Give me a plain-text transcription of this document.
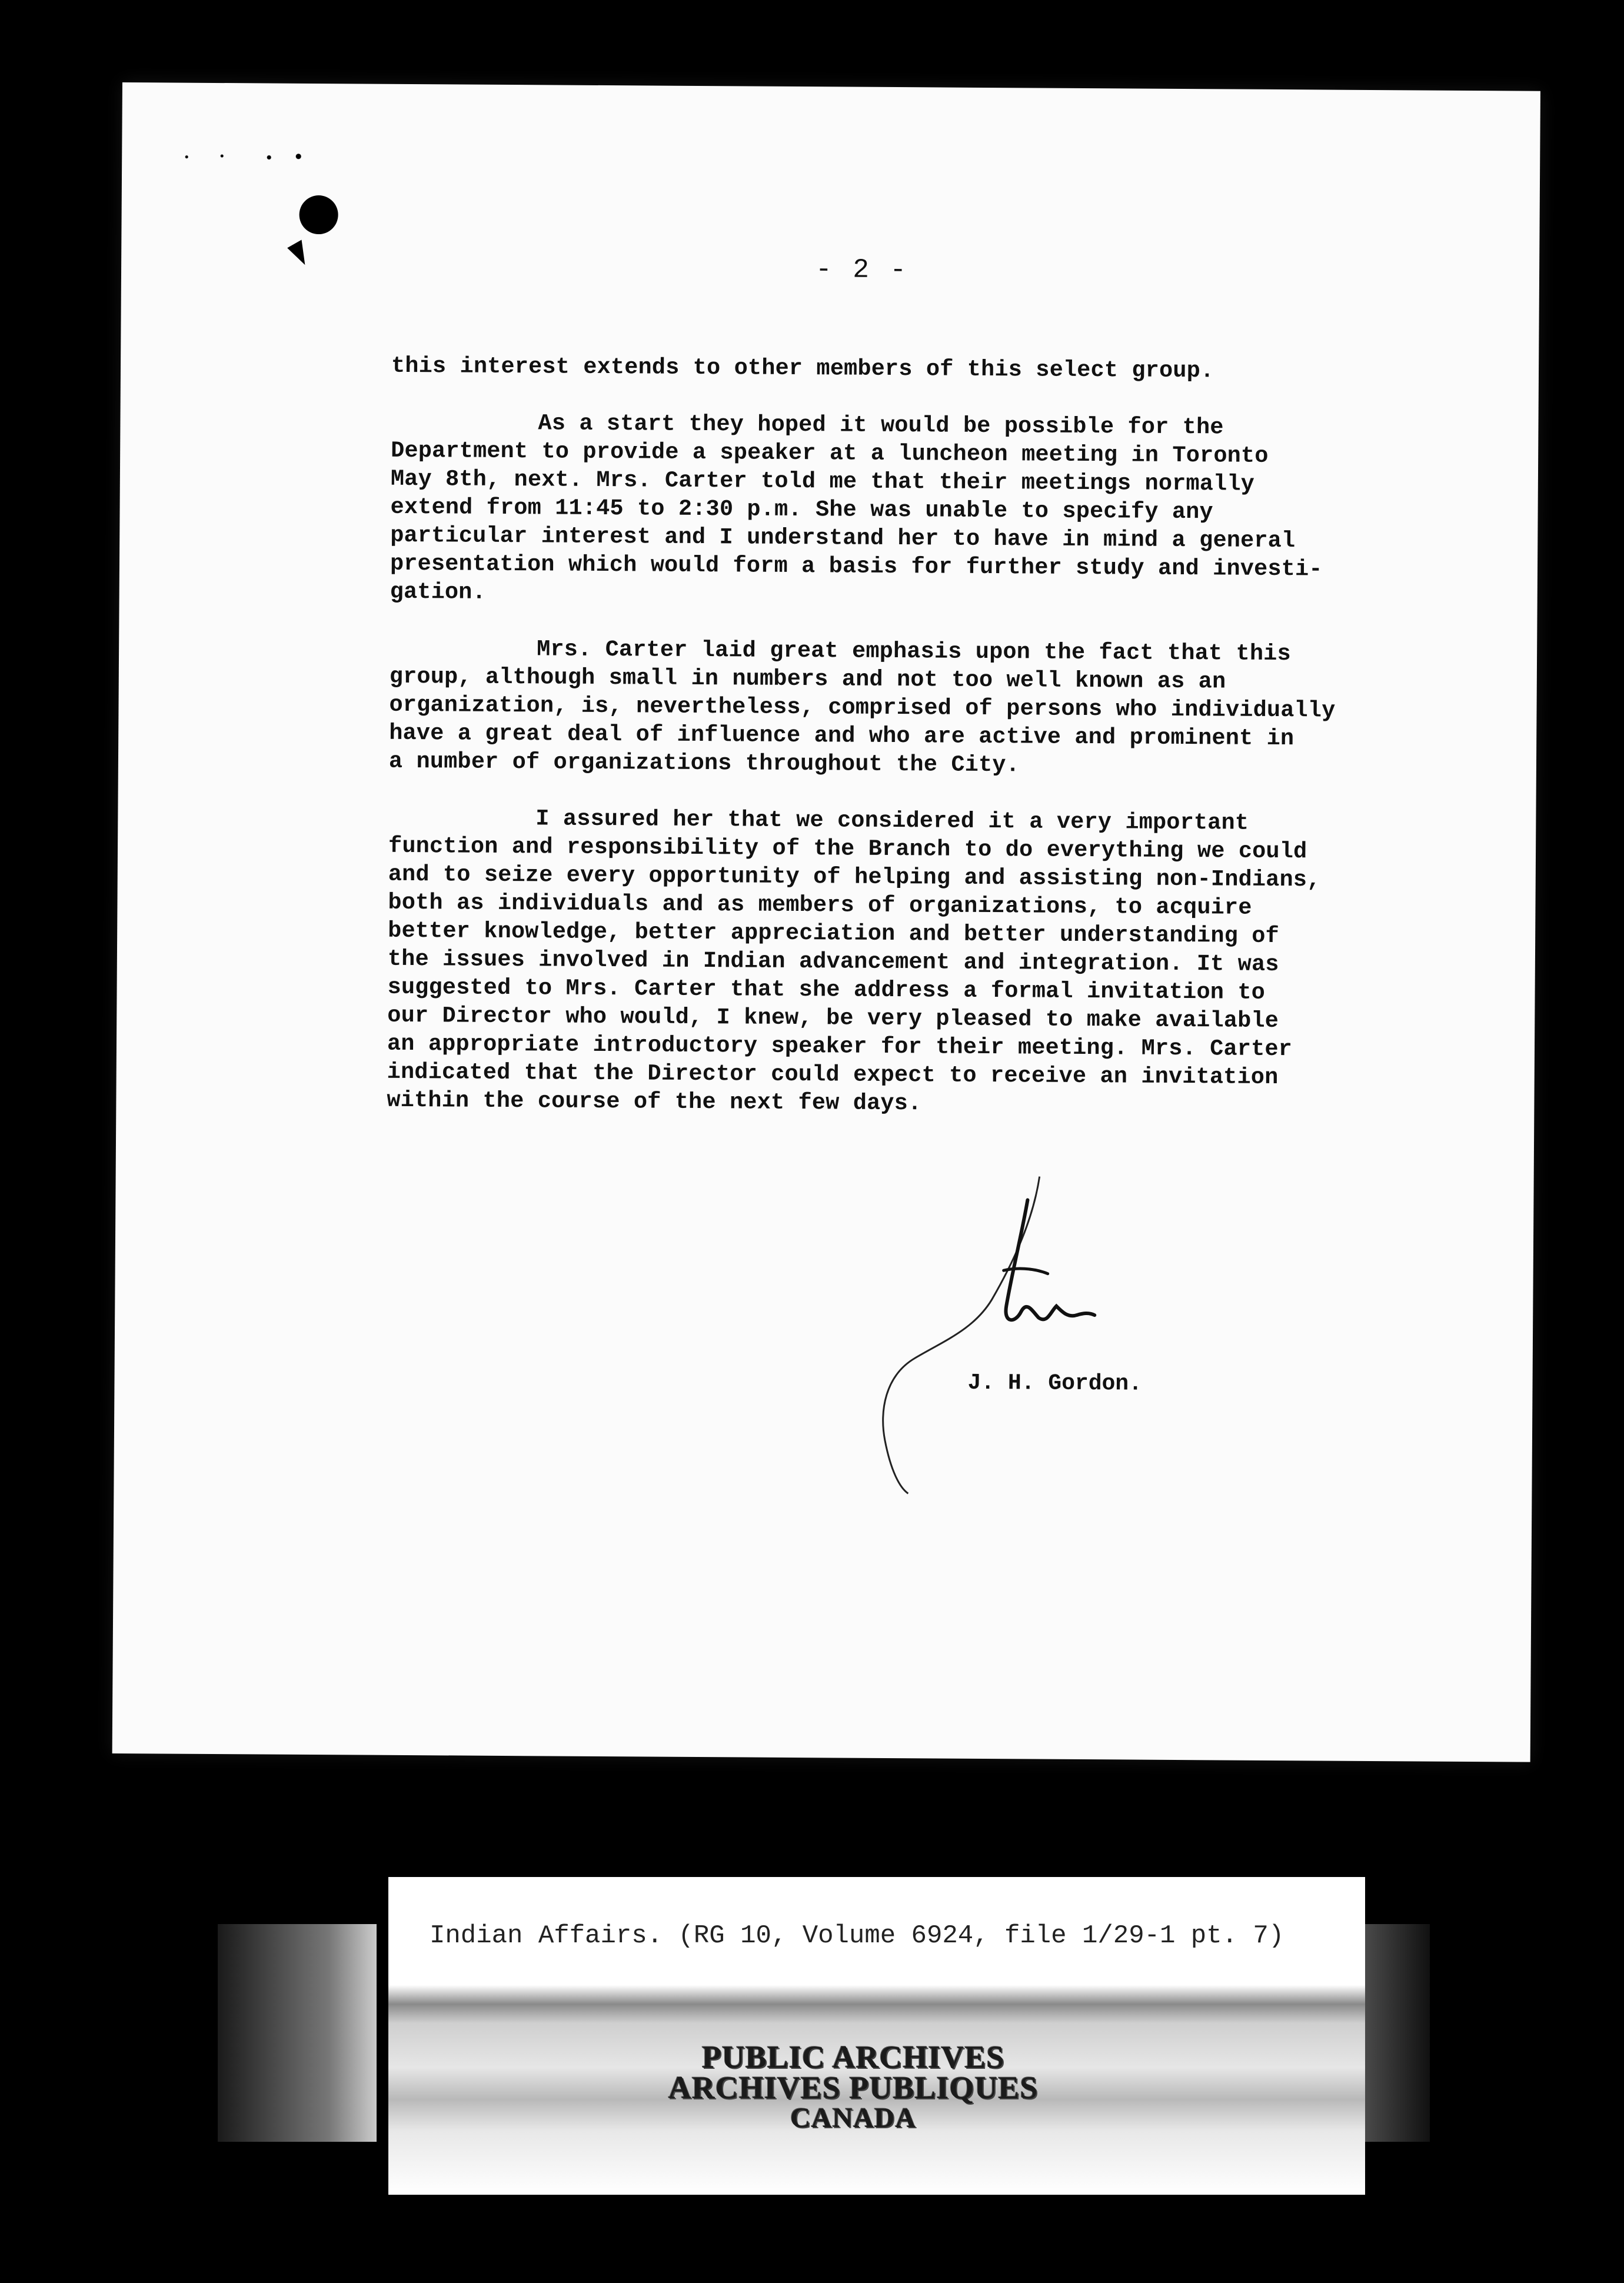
- 2 -

this interest extends to other members of this select group.

As a start they hoped it would be possible for the
Department to provide a speaker at a luncheon meeting in Toronto
May 8th, next. Mrs. Carter told me that their meetings normally
extend from 11:45 to 2:30 p.m. She was unable to specify any
particular interest and I understand her to have in mind a general
presentation which would form a basis for further study and investi-
gation.

Mrs. Carter laid great emphasis upon the fact that this
group, although small in numbers and not too well known as an
organization, is, nevertheless, comprised of persons who individually
have a great deal of influence and who are active and prominent in
a number of organizations throughout the City.

I assured her that we considered it a very important
function and responsibility of the Branch to do everything we could
and to seize every opportunity of helping and assisting non-Indians,
both as individuals and as members of organizations, to acquire
better knowledge, better appreciation and better understanding of
the issues involved in Indian advancement and integration. It was
suggested to Mrs. Carter that she address a formal invitation to
our Director who would, I knew, be very pleased to make available
an appropriate introductory speaker for their meeting. Mrs. Carter
indicated that the Director could expect to receive an invitation
within the course of the next few days.

J. H. Gordon.
Indian Affairs. (RG 10, Volume 6924, file 1/29-1 pt. 7)
PUBLIC ARCHIVES
ARCHIVES PUBLIQUES
CANADA
